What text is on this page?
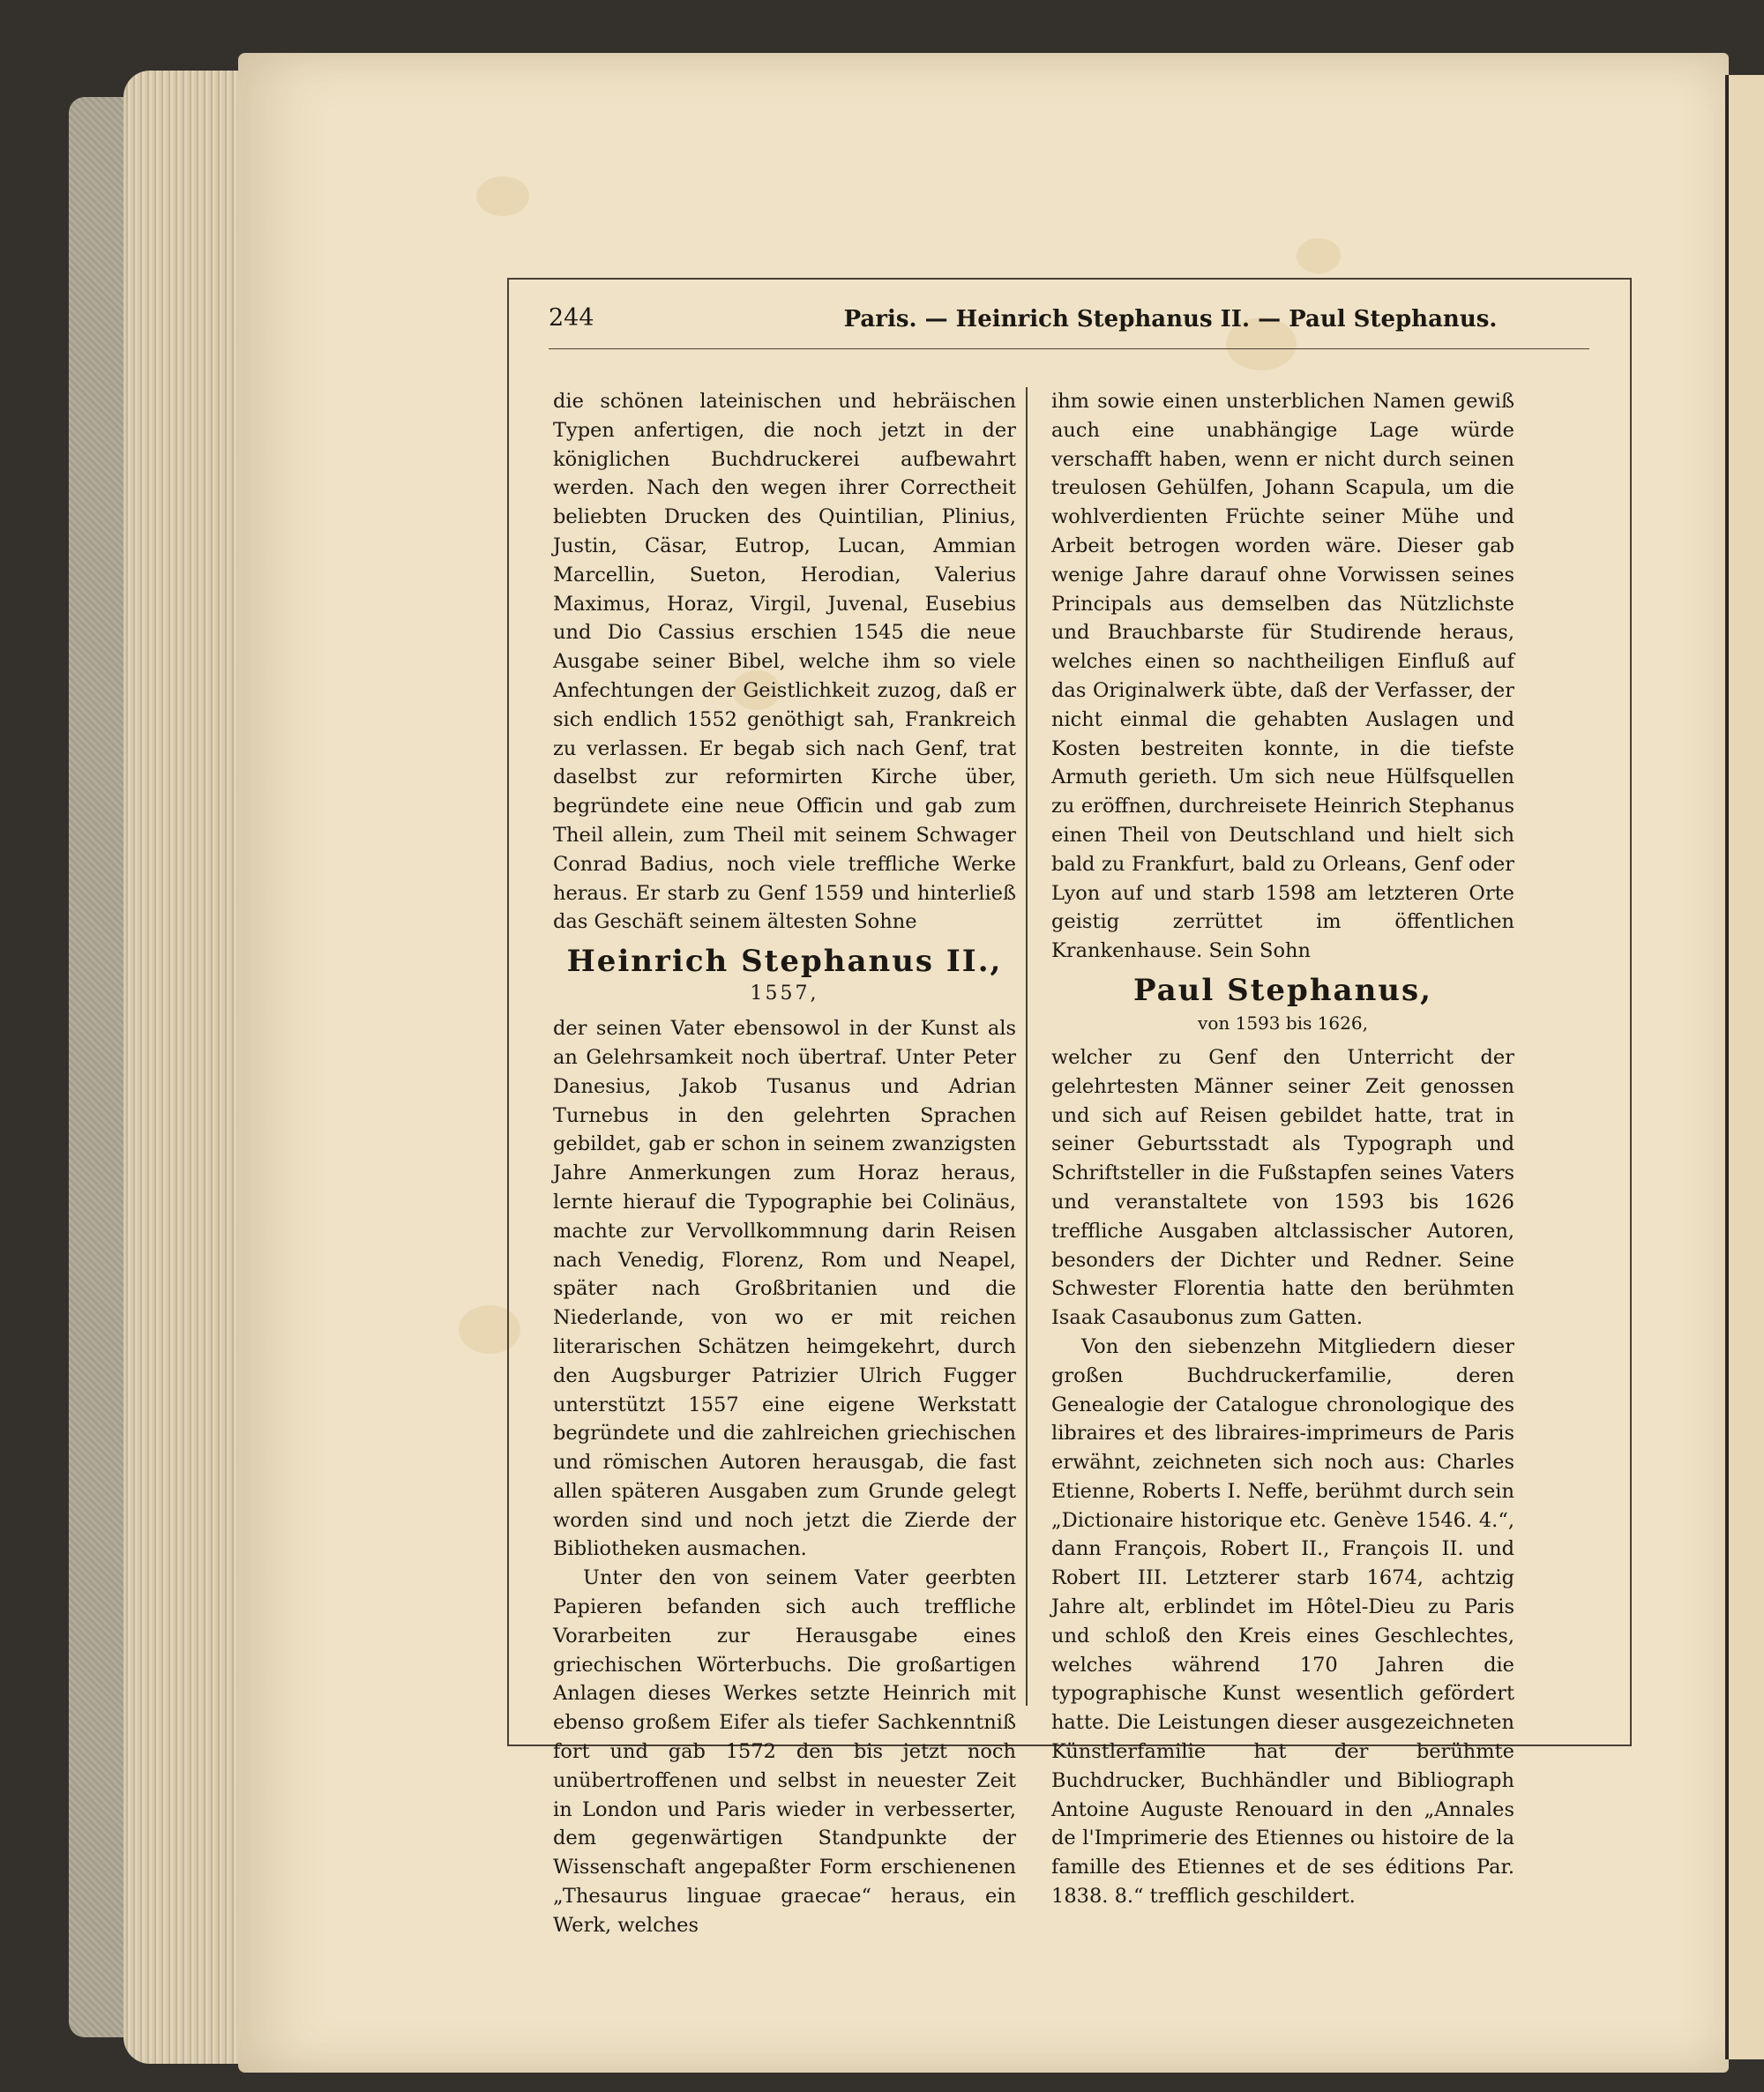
244	Paris. — Heinrich Stephanus II. — Paul Stephanus.

die schönen lateinischen und hebräischen Typen anfertigen, die noch jetzt in der königlichen Buchdruckerei aufbewahrt werden. Nach den wegen ihrer Correctheit beliebten Drucken des Quintilian, Plinius, Justin, Cäsar, Eutrop, Lucan, Ammian Marcellin, Sueton, Herodian, Valerius Maximus, Horaz, Virgil, Juvenal, Eusebius und Dio Cassius erschien 1545 die neue Ausgabe seiner Bibel, welche ihm so viele Anfechtungen der Geistlichkeit zuzog, daß er sich endlich 1552 genöthigt sah, Frankreich zu verlassen. Er begab sich nach Genf, trat daselbst zur reformirten Kirche über, begründete eine neue Officin und gab zum Theil allein, zum Theil mit seinem Schwager Conrad Badius, noch viele treffliche Werke heraus. Er starb zu Genf 1559 und hinterließ das Geschäft seinem ältesten Sohne

Heinrich Stephanus II.,
1557,

der seinen Vater ebensowol in der Kunst als an Gelehrsamkeit noch übertraf. Unter Peter Danesius, Jakob Tusanus und Adrian Turnebus in den gelehrten Sprachen gebildet, gab er schon in seinem zwanzigsten Jahre Anmerkungen zum Horaz heraus, lernte hierauf die Typographie bei Colinäus, machte zur Vervollkommnung darin Reisen nach Venedig, Florenz, Rom und Neapel, später nach Großbritanien und die Niederlande, von wo er mit reichen literarischen Schätzen heimgekehrt, durch den Augsburger Patrizier Ulrich Fugger unterstützt 1557 eine eigene Werkstatt begründete und die zahlreichen griechischen und römischen Autoren herausgab, die fast allen späteren Ausgaben zum Grunde gelegt worden sind und noch jetzt die Zierde der Bibliotheken ausmachen.

Unter den von seinem Vater geerbten Papieren befanden sich auch treffliche Vorarbeiten zur Herausgabe eines griechischen Wörterbuchs. Die großartigen Anlagen dieses Werkes setzte Heinrich mit ebenso großem Eifer als tiefer Sachkenntniß fort und gab 1572 den bis jetzt noch unübertroffenen und selbst in neuester Zeit in London und Paris wieder in verbesserter, dem gegenwärtigen Standpunkte der Wissenschaft angepaßter Form erschienenen „Thesaurus linguae graecae“ heraus, ein Werk, welches

ihm sowie einen unsterblichen Namen gewiß auch eine unabhängige Lage würde verschafft haben, wenn er nicht durch seinen treulosen Gehülfen, Johann Scapula, um die wohlverdienten Früchte seiner Mühe und Arbeit betrogen worden wäre. Dieser gab wenige Jahre darauf ohne Vorwissen seines Principals aus demselben das Nützlichste und Brauchbarste für Studirende heraus, welches einen so nachtheiligen Einfluß auf das Originalwerk übte, daß der Verfasser, der nicht einmal die gehabten Auslagen und Kosten bestreiten konnte, in die tiefste Armuth gerieth. Um sich neue Hülfsquellen zu eröffnen, durchreisete Heinrich Stephanus einen Theil von Deutschland und hielt sich bald zu Frankfurt, bald zu Orleans, Genf oder Lyon auf und starb 1598 am letzteren Orte geistig zerrüttet im öffentlichen Krankenhause. Sein Sohn

Paul Stephanus,
von 1593 bis 1626,

welcher zu Genf den Unterricht der gelehrtesten Männer seiner Zeit genossen und sich auf Reisen gebildet hatte, trat in seiner Geburtsstadt als Typograph und Schriftsteller in die Fußstapfen seines Vaters und veranstaltete von 1593 bis 1626 treffliche Ausgaben altclassischer Autoren, besonders der Dichter und Redner. Seine Schwester Florentia hatte den berühmten Isaak Casaubonus zum Gatten.

Von den siebenzehn Mitgliedern dieser großen Buchdruckerfamilie, deren Genealogie der Catalogue chronologique des libraires et des libraires-imprimeurs de Paris erwähnt, zeichneten sich noch aus: Charles Etienne, Roberts I. Neffe, berühmt durch sein „Dictionaire historique etc. Genève 1546. 4.“, dann François, Robert II., François II. und Robert III. Letzterer starb 1674, achtzig Jahre alt, erblindet im Hôtel-Dieu zu Paris und schloß den Kreis eines Geschlechtes, welches während 170 Jahren die typographische Kunst wesentlich gefördert hatte. Die Leistungen dieser ausgezeichneten Künstlerfamilie hat der berühmte Buchdrucker, Buchhändler und Bibliograph Antoine Auguste Renouard in den „Annales de l'Imprimerie des Etiennes ou histoire de la famille des Etiennes et de ses éditions Par. 1838. 8.“ trefflich geschildert.
